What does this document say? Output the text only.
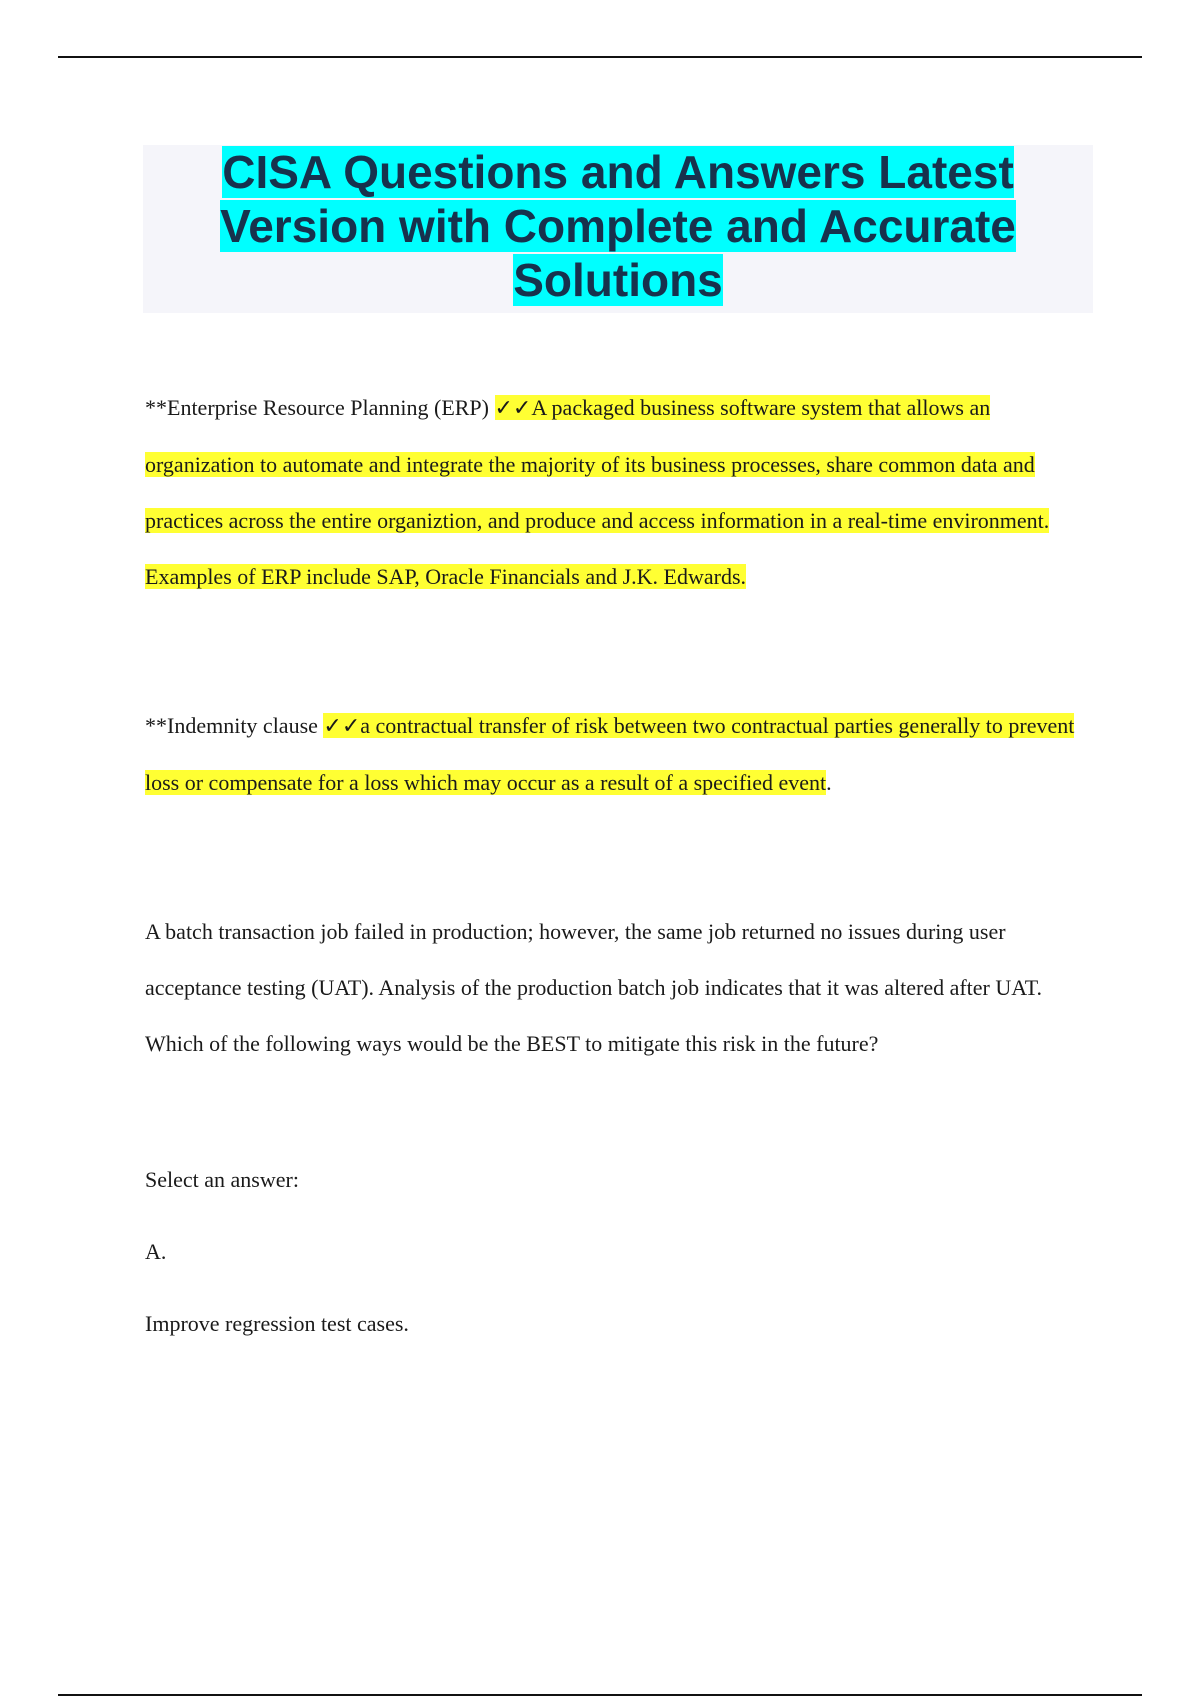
CISA Questions and Answers Latest Version with Complete and Accurate Solutions

**Enterprise Resource Planning (ERP) ✓✓A packaged business software system that allows an organization to automate and integrate the majority of its business processes, share common data and practices across the entire organiztion, and produce and access information in a real-time environment. Examples of ERP include SAP, Oracle Financials and J.K. Edwards.

**Indemnity clause ✓✓a contractual transfer of risk between two contractual parties generally to prevent loss or compensate for a loss which may occur as a result of a specified event.

A batch transaction job failed in production; however, the same job returned no issues during user acceptance testing (UAT). Analysis of the production batch job indicates that it was altered after UAT. Which of the following ways would be the BEST to mitigate this risk in the future?

Select an answer:

A.

Improve regression test cases.
